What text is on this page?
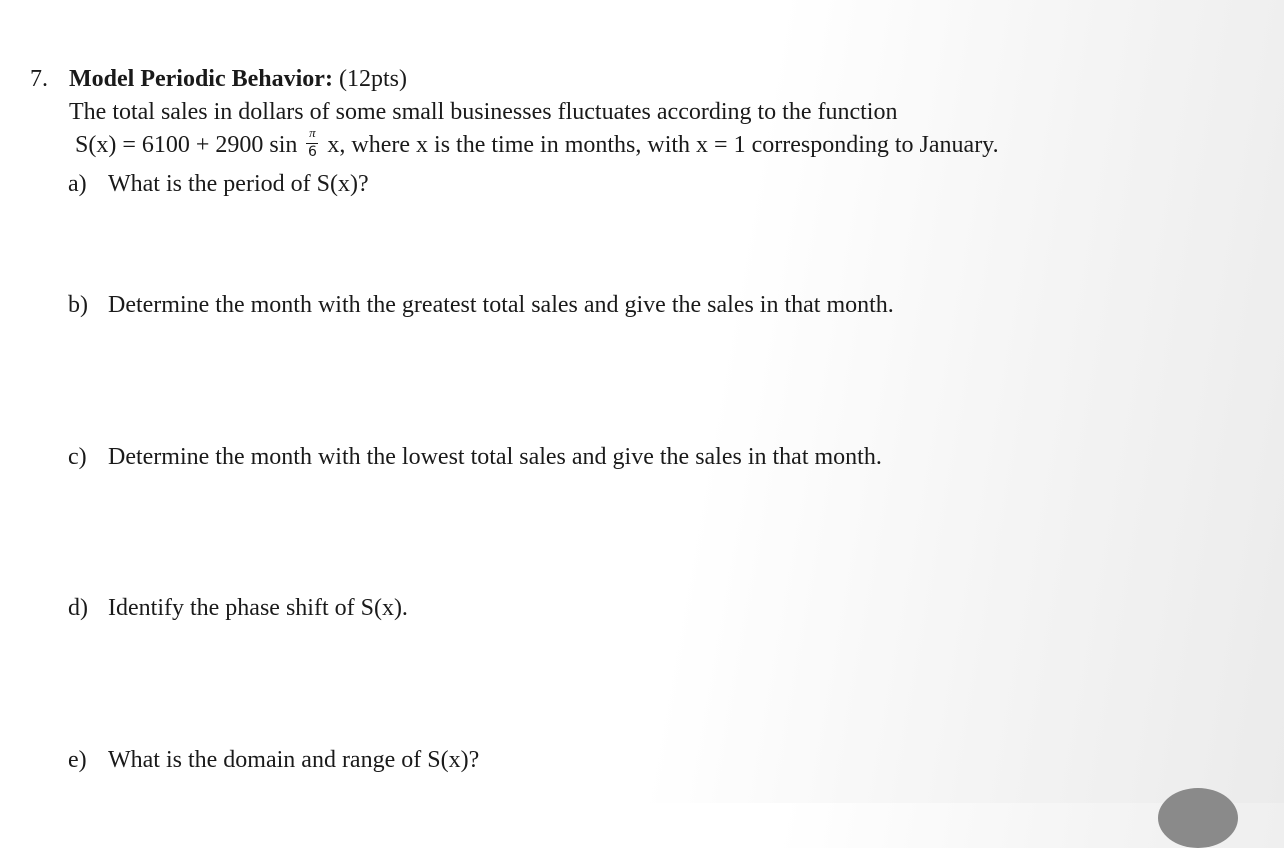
7. Model Periodic Behavior: (12pts)
The total sales in dollars of some small businesses fluctuates according to the function
S(x) = 6100 + 2900 $\sin \frac{\pi}{6} x$, where x is the time in months, with x = 1 corresponding to January.
a) What is the period of S(x)?
b) Determine the month with the greatest total sales and give the sales in that month.
c) Determine the month with the lowest total sales and give the sales in that month.
d) Identify the phase shift of S(x).
e) What is the domain and range of S(x)?
